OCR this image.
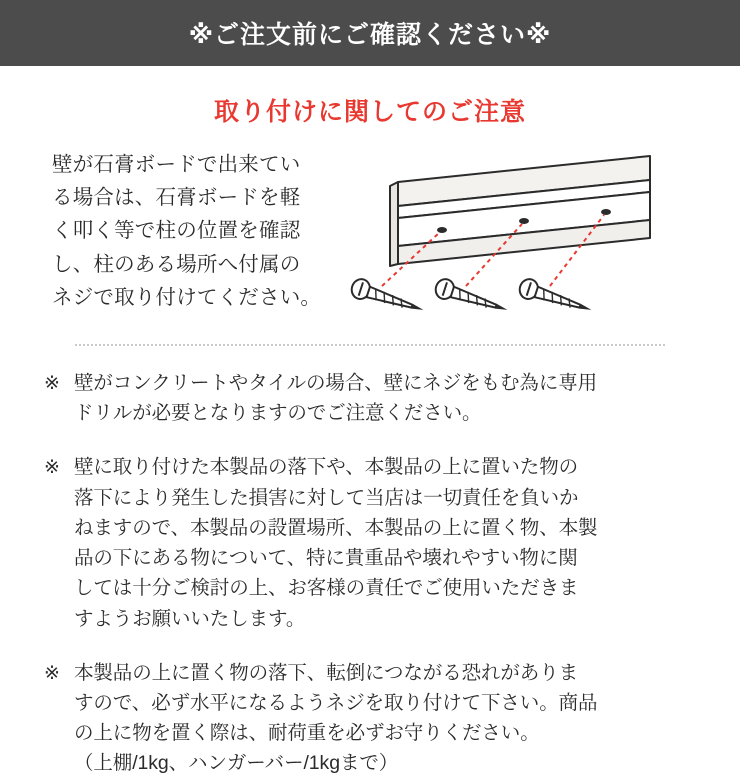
※ご注文前にご確認ください※
取り付けに関してのご注意
壁が石膏ボードで出来てい
る場合は、石膏ボードを軽
く叩く等で柱の位置を確認
し、柱のある場所へ付属の
ネジで取り付けてください。
※ 壁がコンクリートやタイルの場合、壁にネジをもむ為に専用
ドリルが必要となりますのでご注意ください。
※ 壁に取り付けた本製品の落下や、本製品の上に置いた物の
落下により発生した損害に対して当店は一切責任を負いか
ねますので、本製品の設置場所、本製品の上に置く物、本製
品の下にある物について、特に貴重品や壊れやすい物に関
しては十分ご検討の上、お客様の責任でご使用いただきま
すようお願いいたします。
※ 本製品の上に置く物の落下、転倒につながる恐れがありま
すので、必ず水平になるようネジを取り付けて下さい。商品
の上に物を置く際は、耐荷重を必ずお守りください。
（上棚/1kg、ハンガーバー/1kgまで）
